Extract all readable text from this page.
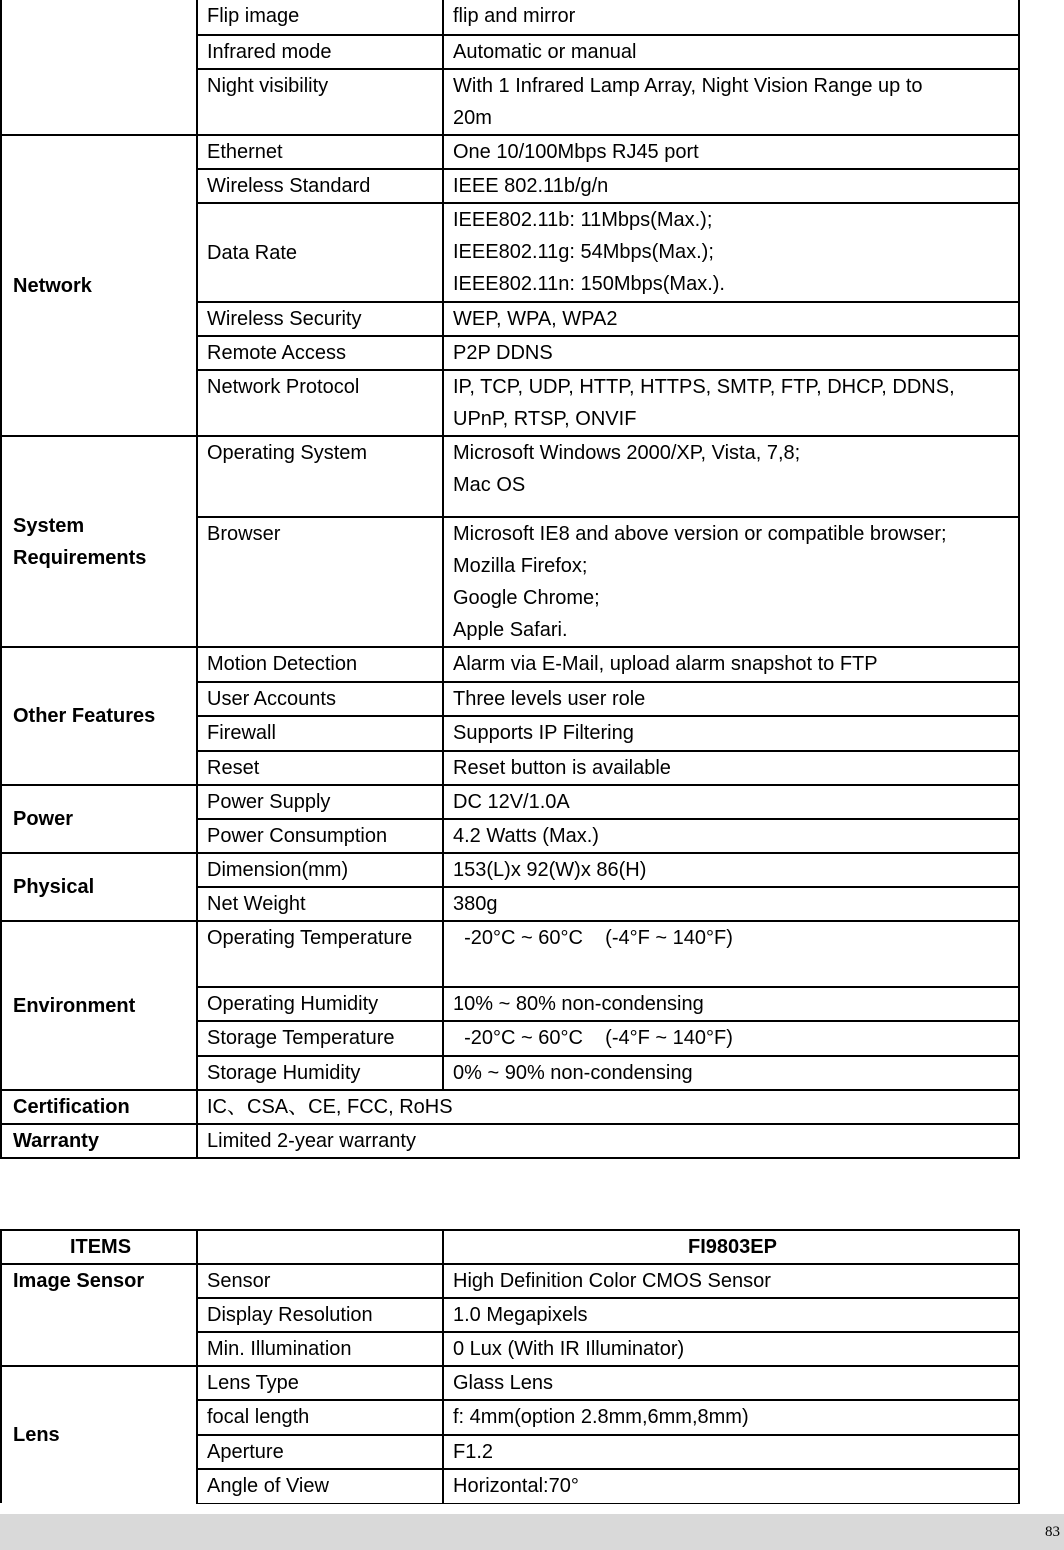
	Flip image	flip and mirror

	Infrared mode	Automatic or manual

	Night visibility	With 1 Infrared Lamp Array, Night Vision Range up to
20m

Network	Ethernet	One 10/100Mbps RJ45 port

	Wireless Standard	IEEE 802.11b/g/n

	Data Rate	IEEE802.11b: 11Mbps(Max.);
IEEE802.11g: 54Mbps(Max.);
IEEE802.11n: 150Mbps(Max.).

	Wireless Security	WEP, WPA, WPA2

	Remote Access	P2P DDNS

	Network Protocol	IP, TCP, UDP, HTTP, HTTPS, SMTP, FTP, DHCP, DDNS,
UPnP, RTSP, ONVIF

System Requirements	Operating System	Microsoft Windows 2000/XP, Vista, 7,8;
Mac OS

	Browser	Microsoft IE8 and above version or compatible browser;
Mozilla Firefox;
Google Chrome;
Apple Safari.

Other Features	Motion Detection	Alarm via E-Mail, upload alarm snapshot to FTP

	User Accounts	Three levels user role

	Firewall	Supports IP Filtering

	Reset	Reset button is available

Power	Power Supply	DC 12V/1.0A

	Power Consumption	4.2 Watts (Max.)

Physical	Dimension(mm)	153(L)x 92(W)x 86(H)

	Net Weight	380g

Environment	Operating Temperature	-20°C ~ 60°C    (-4°F ~ 140°F)

	Operating Humidity	10% ~ 80% non-condensing

	Storage Temperature	-20°C ~ 60°C    (-4°F ~ 140°F)

	Storage Humidity	0% ~ 90% non-condensing

Certification	IC、CSA、CE, FCC, RoHS	
Warranty	Limited 2-year warranty	
ITEMS		FI9803EP
Image Sensor	Sensor	High Definition Color CMOS Sensor
	Display Resolution	1.0 Megapixels
	Min. Illumination	0 Lux (With IR Illuminator)
Lens	Lens Type	Glass Lens
	focal length	f: 4mm(option 2.8mm,6mm,8mm)
	Aperture	F1.2
	Angle of View	Horizontal:70°
83
